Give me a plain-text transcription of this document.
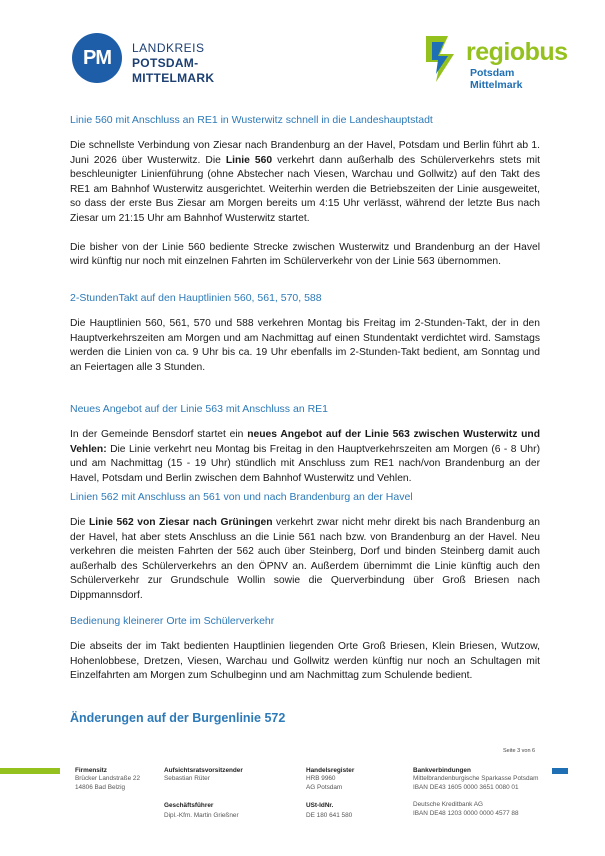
PM	LANDKREIS
POTSDAM-MITTELMARK
regiobus
Potsdam Mittelmark
Linie 560 mit Anschluss an RE1 in Wusterwitz schnell in die Landeshauptstadt

Die schnellste Verbindung von Ziesar nach Brandenburg an der Havel, Potsdam und Berlin führt ab 1. Juni 2026 über Wusterwitz. Die Linie 560 verkehrt dann außerhalb des Schülerverkehrs stets mit beschleunigter Linienführung (ohne Abstecher nach Viesen, Warchau und Gollwitz) auf den Takt des RE1 am Bahnhof Wusterwitz ausgerichtet. Weiterhin werden die Betriebszeiten der Linie ausgeweitet, so dass der erste Bus Ziesar am Morgen bereits um 4:15 Uhr verlässt, während der letzte Bus nach Ziesar um 21:15 Uhr am Bahnhof Wusterwitz startet.

Die bisher von der Linie 560 bediente Strecke zwischen Wusterwitz und Brandenburg an der Havel wird künftig nur noch mit einzelnen Fahrten im Schülerverkehr von der Linie 563 übernommen.

2-StundenTakt auf den Hauptlinien 560, 561, 570, 588

Die Hauptlinien 560, 561, 570 und 588 verkehren Montag bis Freitag im 2-Stunden-Takt, der in den Hauptverkehrszeiten am Morgen und am Nachmittag auf einen Stundentakt verdichtet wird. Samstags werden die Linien von ca. 9 Uhr bis ca. 19 Uhr ebenfalls im 2-Stunden-Takt bedient, am Sonntag und an Feiertagen alle 3 Stunden.

Neues Angebot auf der Linie 563 mit Anschluss an RE1

In der Gemeinde Bensdorf startet ein neues Angebot auf der Linie 563 zwischen Wusterwitz und Vehlen: Die Linie verkehrt neu Montag bis Freitag in den Hauptverkehrszeiten am Morgen (6 - 8 Uhr) und am Nachmittag (15 - 19 Uhr) stündlich mit Anschluss zum RE1 nach/von Brandenburg an der Havel, Potsdam und Berlin zwischen dem Bahnhof Wusterwitz und Vehlen.

Linien 562 mit Anschluss an 561 von und nach Brandenburg an der Havel

Die Linie 562 von Ziesar nach Grüningen verkehrt zwar nicht mehr direkt bis nach Brandenburg an der Havel, hat aber stets Anschluss an die Linie 561 nach bzw. von Brandenburg an der Havel. Neu verkehren die meisten Fahrten der 562 auch über Steinberg, Dorf und binden Steinberg damit auch außerhalb des Schülerverkehrs an den ÖPNV an. Außerdem übernimmt die Linie künftig auch den Schülerverkehr zur Grundschule Wollin sowie die Querverbindung über Groß Briesen nach Dippmannsdorf.

Bedienung kleinerer Orte im Schülerverkehr

Die abseits der im Takt bedienten Hauptlinien liegenden Orte Groß Briesen, Klein Briesen, Wutzow, Hohenlobbese, Dretzen, Viesen, Warchau und Gollwitz werden künftig nur noch an Schultagen mit Einzelfahrten am Morgen zum Schulbeginn und am Nachmittag zum Schulende bedient.

Änderungen auf der Burgenlinie 572
Seite 3 von 6
Firmensitz
Brücker Landstraße 22
14806 Bad Belzig
Aufsichtsratsvorsitzender
Sebastian Rüter
Geschäftsführer
Dipl.-Kfm. Martin Grießner
Handelsregister
HRB 9960
AG Potsdam
USt-IdNr.
DE 180 641 580
Bankverbindungen
Mittelbrandenburgische Sparkasse Potsdam
IBAN DE43 1605 0000 3651 0080 01
Deutsche Kreditbank AG
IBAN DE48 1203 0000 0000 4577 88
